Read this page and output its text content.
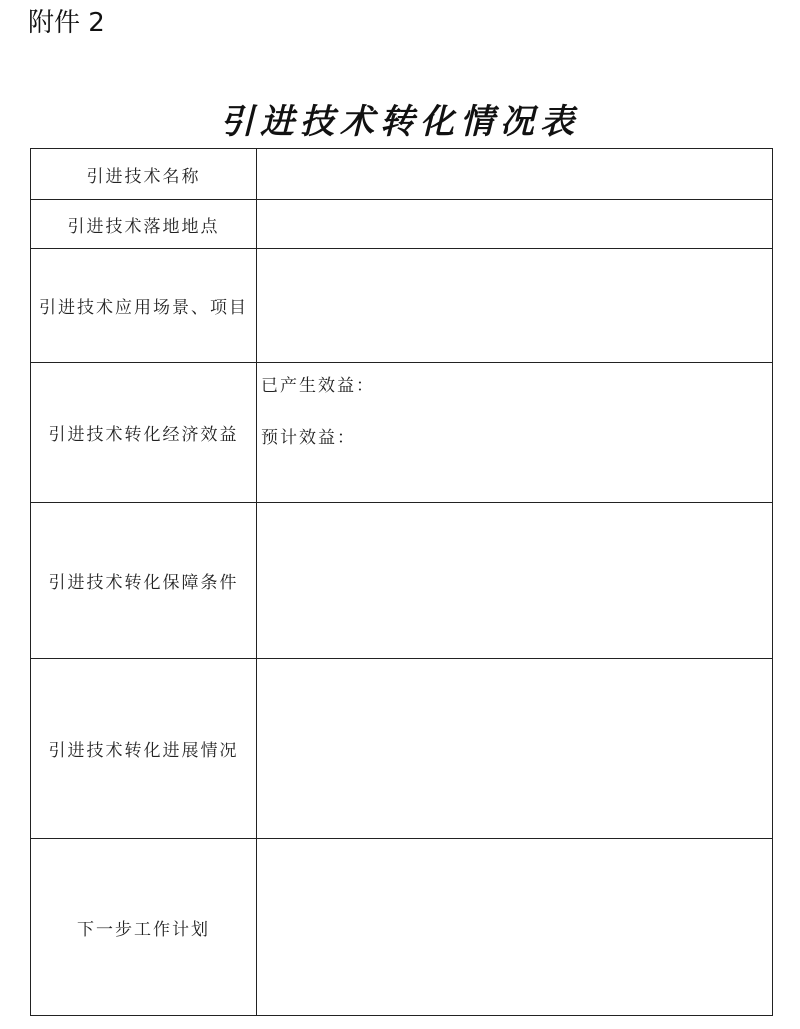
附件 2
引进技术转化情况表
引进技术名称	
引进技术落地地点	
引进技术应用场景、项目	
引进技术转化经济效益	已产生效益：
预计效益：

引进技术转化保障条件	
引进技术转化进展情况	
下一步工作计划	
